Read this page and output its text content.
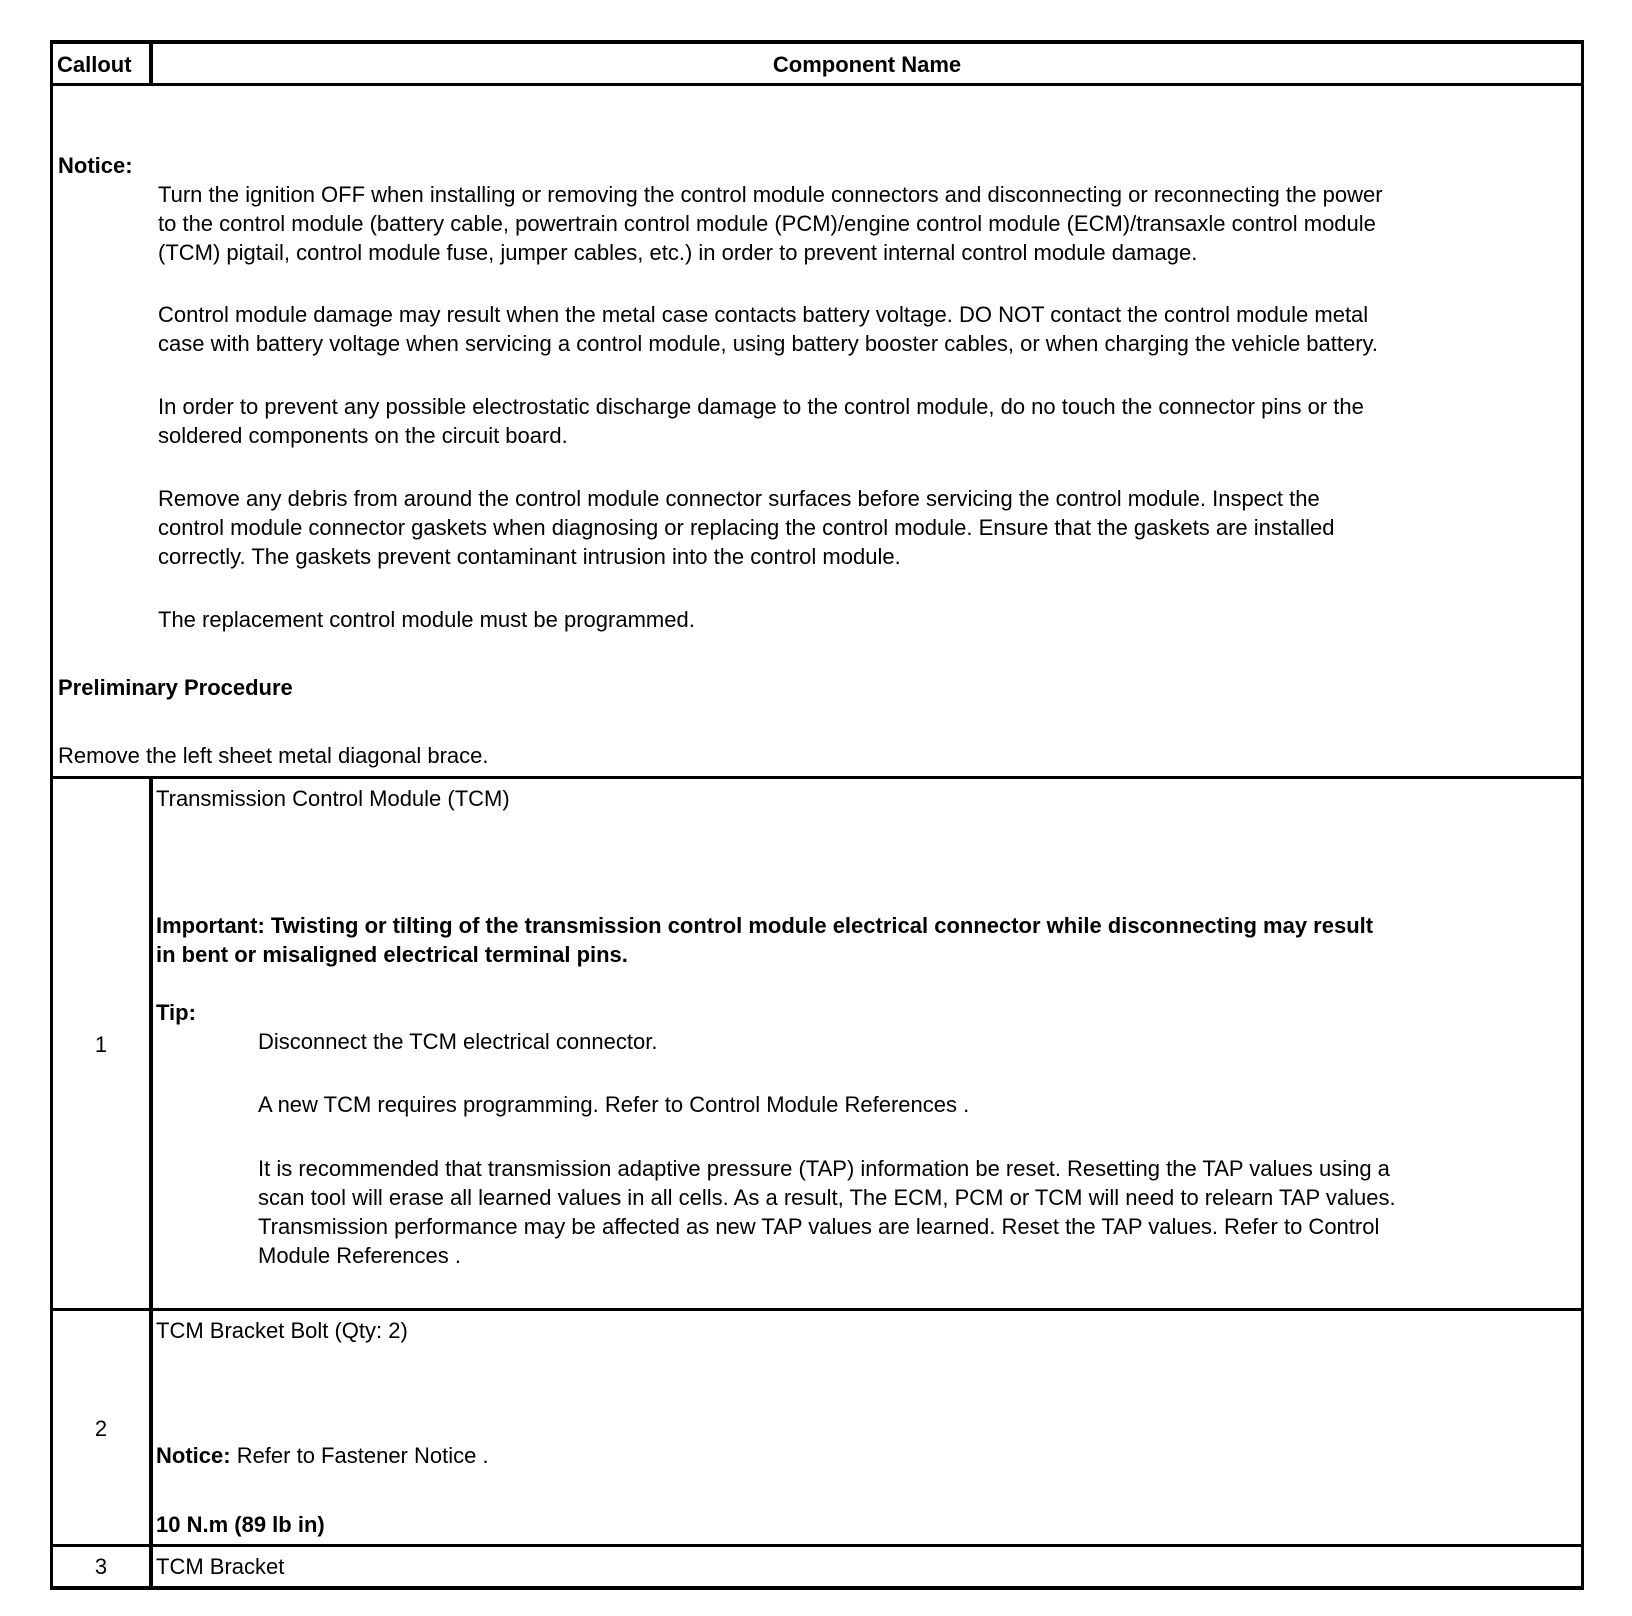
Callout	Component Name
Notice:
Turn the ignition OFF when installing or removing the control module connectors and disconnecting or reconnecting the power
to the control module (battery cable, powertrain control module (PCM)/engine control module (ECM)/transaxle control module
(TCM) pigtail, control module fuse, jumper cables, etc.) in order to prevent internal control module damage.
Control module damage may result when the metal case contacts battery voltage. DO NOT contact the control module metal
case with battery voltage when servicing a control module, using battery booster cables, or when charging the vehicle battery.
In order to prevent any possible electrostatic discharge damage to the control module, do no touch the connector pins or the
soldered components on the circuit board.
Remove any debris from around the control module connector surfaces before servicing the control module. Inspect the
control module connector gaskets when diagnosing or replacing the control module. Ensure that the gaskets are installed
correctly. The gaskets prevent contaminant intrusion into the control module.
The replacement control module must be programmed.
Preliminary Procedure
Remove the left sheet metal diagonal brace.
1
Transmission Control Module (TCM)
Important: Twisting or tilting of the transmission control module electrical connector while disconnecting may result
in bent or misaligned electrical terminal pins.
Tip:
Disconnect the TCM electrical connector.
A new TCM requires programming. Refer to Control Module References .
It is recommended that transmission adaptive pressure (TAP) information be reset. Resetting the TAP values using a
scan tool will erase all learned values in all cells. As a result, The ECM, PCM or TCM will need to relearn TAP values.
Transmission performance may be affected as new TAP values are learned. Reset the TAP values. Refer to Control
Module References .
2
TCM Bracket Bolt (Qty: 2)
Notice: Refer to Fastener Notice .
10 N.m (89 lb in)
3	TCM Bracket
